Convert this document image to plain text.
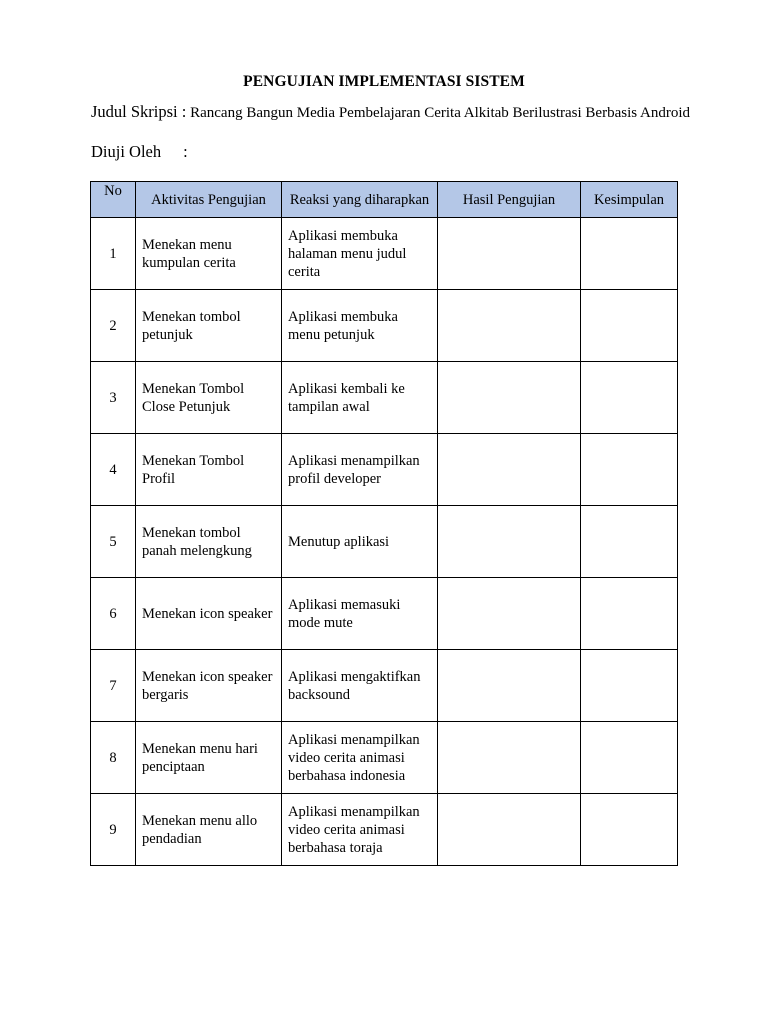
PENGUJIAN IMPLEMENTASI SISTEM
Judul Skripsi : Rancang Bangun Media Pembelajaran Cerita Alkitab Berilustrasi Berbasis Android
Diuji Oleh :
No	Aktivitas Pengujian	Reaksi yang diharapkan	Hasil Pengujian	Kesimpulan
1	Menekan menu kumpulan cerita	Aplikasi membuka halaman menu judul cerita		
2	Menekan tombol petunjuk	Aplikasi membuka menu petunjuk		
3	Menekan Tombol Close Petunjuk	Aplikasi kembali ke tampilan awal		
4	Menekan Tombol Profil	Aplikasi menampilkan profil developer		
5	Menekan tombol panah melengkung	Menutup aplikasi		
6	Menekan icon speaker	Aplikasi memasuki mode mute		
7	Menekan icon speaker bergaris	Aplikasi mengaktifkan backsound		
8	Menekan menu hari penciptaan	Aplikasi menampilkan video cerita animasi berbahasa indonesia		
9	Menekan menu allo pendadian	Aplikasi menampilkan video cerita animasi berbahasa toraja		
